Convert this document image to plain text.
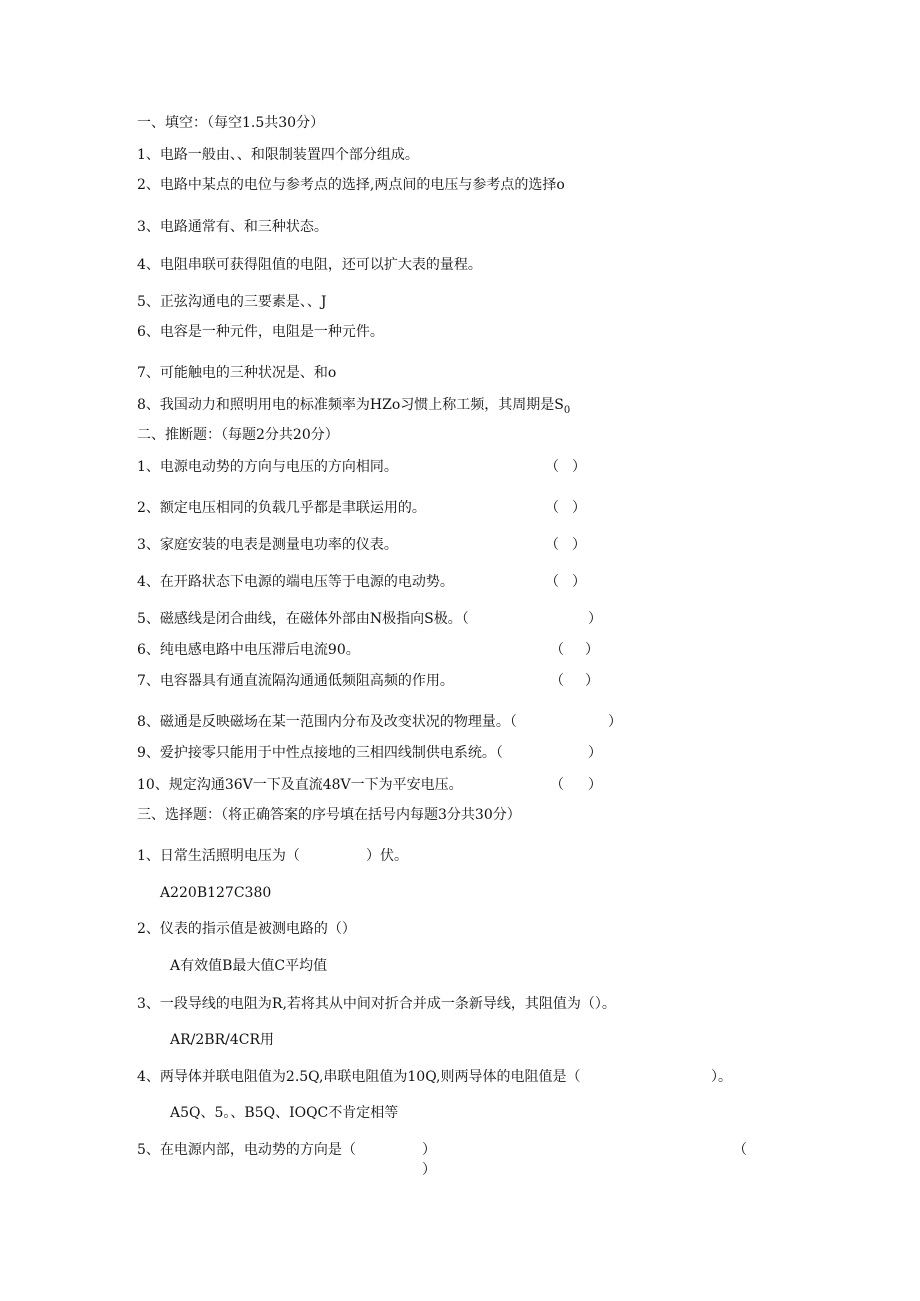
一、填空：（每空1.5共30分）
1、电路一般由、、和限制装置四个部分组成。
2、电路中某点的电位与参考点的选择,两点间的电压与参考点的选择o
3、电路通常有、和三种状态。
4、电阻串联可获得阻值的电阻，还可以扩大表的量程。
5、正弦沟通电的三要素是、、J
6、电容是一种元件，电阻是一种元件。
7、可能触电的三种状况是、和o
8、我国动力和照明用电的标准频率为HZo习惯上称工频，其周期是$S_0$
二、推断题：（每题2分共20分）
1、电源电动势的方向与电压的方向相同。	（ ）
2、额定电压相同的负载几乎都是聿联运用的。	（ ）
3、家庭安装的电表是测量电功率的仪表。	（ ）
4、在开路状态下电源的端电压等于电源的电动势。	（ ）
5、磁感线是闭合曲线，在磁体外部由N极指向S极。（	）
6、纯电感电路中电压滞后电流90。	（ ）
7、电容器具有通直流隔沟通通低频阻高频的作用。	（ ）
8、磁通是反映磁场在某一范围内分布及改变状况的物理量。（	）
9、爱护接零只能用于中性点接地的三相四线制供电系统。（	）
10、规定沟通36V一下及直流48V一下为平安电压。	（ ）
三、选择题：（将正确答案的序号填在括号内每题3分共30分）
1、日常生活照明电压为（	）伏。
A220B127C380
2、仪表的指示值是被测电路的（）
A有效值B最大值C平均值
3、一段导线的电阻为R,若将其从中间对折合并成一条新导线，其阻值为（）。
AR/2BR/4CR用
4、两导体并联电阻值为2.5Q,串联电阻值为10Q,则两导体的电阻值是（	）。
A5Q、5。、B5Q、IOQC不肯定相等
5、在电源内部，电动势的方向是（	）	（
）
